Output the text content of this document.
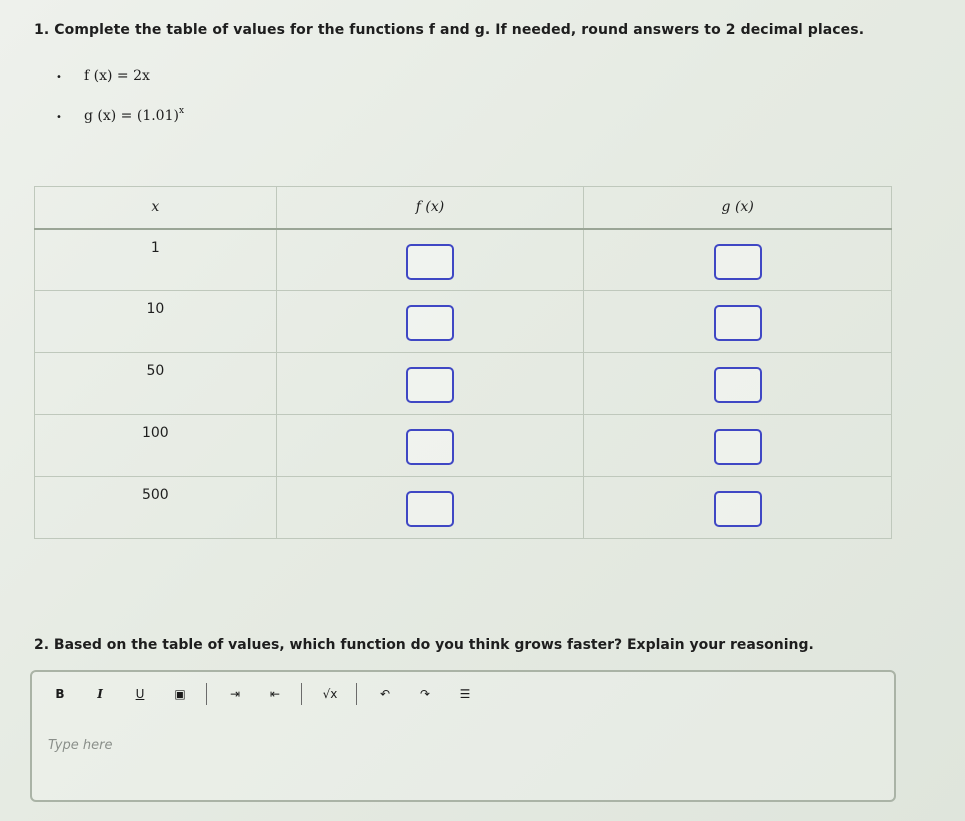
1. Complete the table of values for the functions f and g. If needed, round answers to 2 decimal places.
•	f (x) = 2x
•	g (x) = (1.01) x
x	f (x)	g (x)
1		
10		
50		
100		
500		
2. Based on the table of values, which function do you think grows faster? Explain your reasoning.
B	I	U	▣	⇥	⇤	√x	↶	↷	☰
Type here
